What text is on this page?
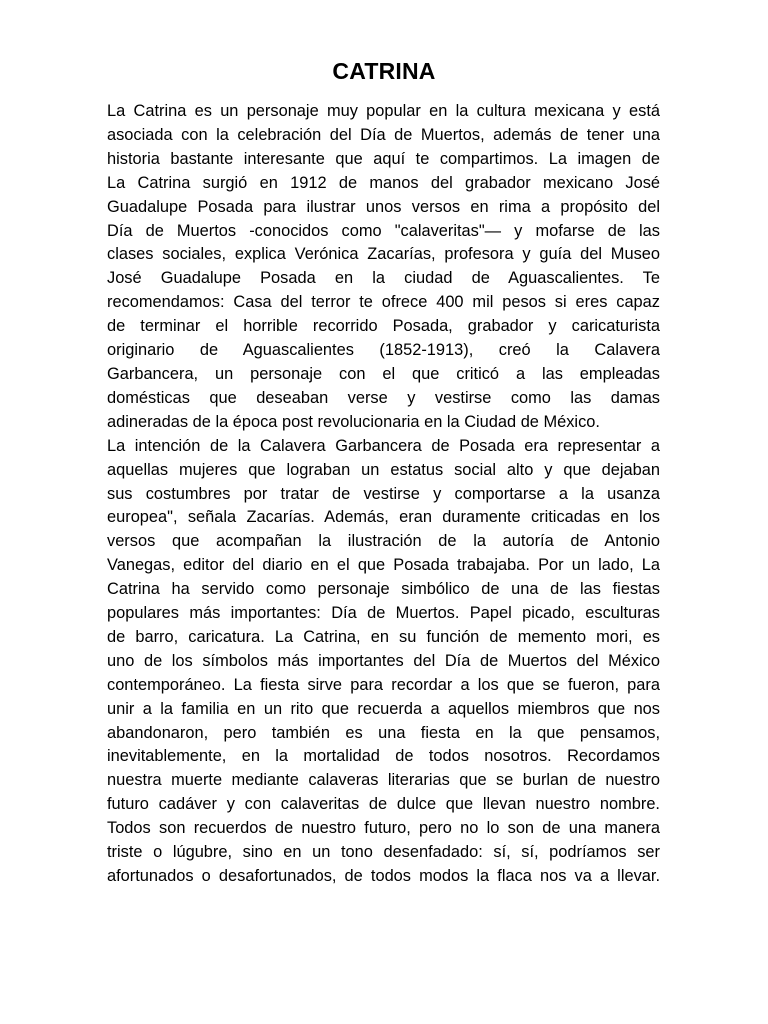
CATRINA
La Catrina es un personaje muy popular en la cultura mexicana y está
asociada con la celebración del Día de Muertos, además de tener una
historia bastante interesante que aquí te compartimos. La imagen de
La Catrina surgió en 1912 de manos del grabador mexicano José
Guadalupe Posada para ilustrar unos versos en rima a propósito del
Día de Muertos -conocidos como "calaveritas"— y mofarse de las
clases sociales, explica Verónica Zacarías, profesora y guía del Museo
José Guadalupe Posada en la ciudad de Aguascalientes. Te
recomendamos: Casa del terror te ofrece 400 mil pesos si eres capaz
de terminar el horrible recorrido Posada, grabador y caricaturista
originario de Aguascalientes (1852-1913), creó la Calavera
Garbancera, un personaje con el que criticó a las empleadas
domésticas que deseaban verse y vestirse como las damas
adineradas de la época post revolucionaria en la Ciudad de México.
La intención de la Calavera Garbancera de Posada era representar a
aquellas mujeres que lograban un estatus social alto y que dejaban
sus costumbres por tratar de vestirse y comportarse a la usanza
europea", señala Zacarías. Además, eran duramente criticadas en los
versos que acompañan la ilustración de la autoría de Antonio
Vanegas, editor del diario en el que Posada trabajaba. Por un lado, La
Catrina ha servido como personaje simbólico de una de las fiestas
populares más importantes: Día de Muertos. Papel picado, esculturas
de barro, caricatura. La Catrina, en su función de memento mori, es
uno de los símbolos más importantes del Día de Muertos del México
contemporáneo. La fiesta sirve para recordar a los que se fueron, para
unir a la familia en un rito que recuerda a aquellos miembros que nos
abandonaron, pero también es una fiesta en la que pensamos,
inevitablemente, en la mortalidad de todos nosotros. Recordamos
nuestra muerte mediante calaveras literarias que se burlan de nuestro
futuro cadáver y con calaveritas de dulce que llevan nuestro nombre.
Todos son recuerdos de nuestro futuro, pero no lo son de una manera
triste o lúgubre, sino en un tono desenfadado: sí, sí, podríamos ser
afortunados o desafortunados, de todos modos la flaca nos va a llevar.
